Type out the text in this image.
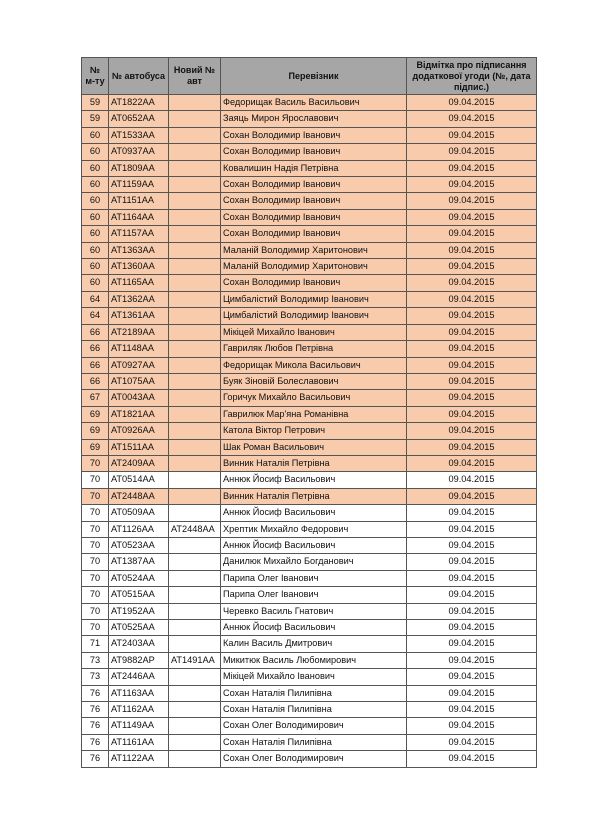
№ м-ту	№ автобуса	Новий № авт	Перевізник	Відмітка про підписання додаткової угоди (№, дата підпис.)
59	АТ1822АА		Федорищак Василь Васильович	09.04.2015
59	АТ0652АА		Заяць Мирон Ярославович	09.04.2015
60	АТ1533АА		Сохан Володимир Іванович	09.04.2015
60	АТ0937АА		Сохан Володимир Іванович	09.04.2015
60	АТ1809АА		Ковалишин Надія Петрівна	09.04.2015
60	АТ1159АА		Сохан Володимир Іванович	09.04.2015
60	АТ1151АА		Сохан Володимир Іванович	09.04.2015
60	АТ1164АА		Сохан Володимир Іванович	09.04.2015
60	АТ1157АА		Сохан Володимир Іванович	09.04.2015
60	АТ1363АА		Маланій Володимир Харитонович	09.04.2015
60	АТ1360АА		Маланій Володимир Харитонович	09.04.2015
60	АТ1165АА		Сохан Володимир Іванович	09.04.2015
64	АТ1362АА		Цимбалістий Володимир Іванович	09.04.2015
64	АТ1361АА		Цимбалістий Володимир Іванович	09.04.2015
66	АТ2189АА		Мікіцей Михайло Іванович	09.04.2015
66	АТ1148АА		Гавриляк Любов Петрівна	09.04.2015
66	АТ0927АА		Федорищак Микола Васильович	09.04.2015
66	АТ1075АА		Буяк Зіновій Болеславович	09.04.2015
67	АТ0043АА		Горичук Михайло Васильович	09.04.2015
69	АТ1821АА		Гаврилюк Мар'яна Романівна	09.04.2015
69	АТ0926АА		Катола Віктор Петрович	09.04.2015
69	АТ1511АА		Шак Роман Васильович	09.04.2015
70	АТ2409АА		Винник Наталія Петрівна	09.04.2015
70	АТ0514АА		Аннюк Йосиф Васильович	09.04.2015
70	АТ2448АА		Винник Наталія Петрівна	09.04.2015
70	АТ0509АА		Аннюк Йосиф Васильович	09.04.2015
70	АТ1126АА	АТ2448АА	Хрептик Михайло Федорович	09.04.2015
70	АТ0523АА		Аннюк Йосиф Васильович	09.04.2015
70	АТ1387АА		Данилюк Михайло Богданович	09.04.2015
70	АТ0524АА		Парипа Олег Іванович	09.04.2015
70	АТ0515АА		Парипа Олег Іванович	09.04.2015
70	АТ1952АА		Черевко Василь Гнатович	09.04.2015
70	АТ0525АА		Аннюк Йосиф Васильович	09.04.2015
71	АТ2403АА		Калин Василь Дмитрович	09.04.2015
73	АТ9882АР	АТ1491АА	Микитюк Василь Любомирович	09.04.2015
73	АТ2446АА		Мікіцей Михайло Іванович	09.04.2015
76	АТ1163АА		Сохан Наталія Пилипівна	09.04.2015
76	АТ1162АА		Сохан Наталія Пилипівна	09.04.2015
76	АТ1149АА		Сохан Олег Володимирович	09.04.2015
76	АТ1161АА		Сохан Наталія Пилипівна	09.04.2015
76	АТ1122АА		Сохан Олег Володимирович	09.04.2015
